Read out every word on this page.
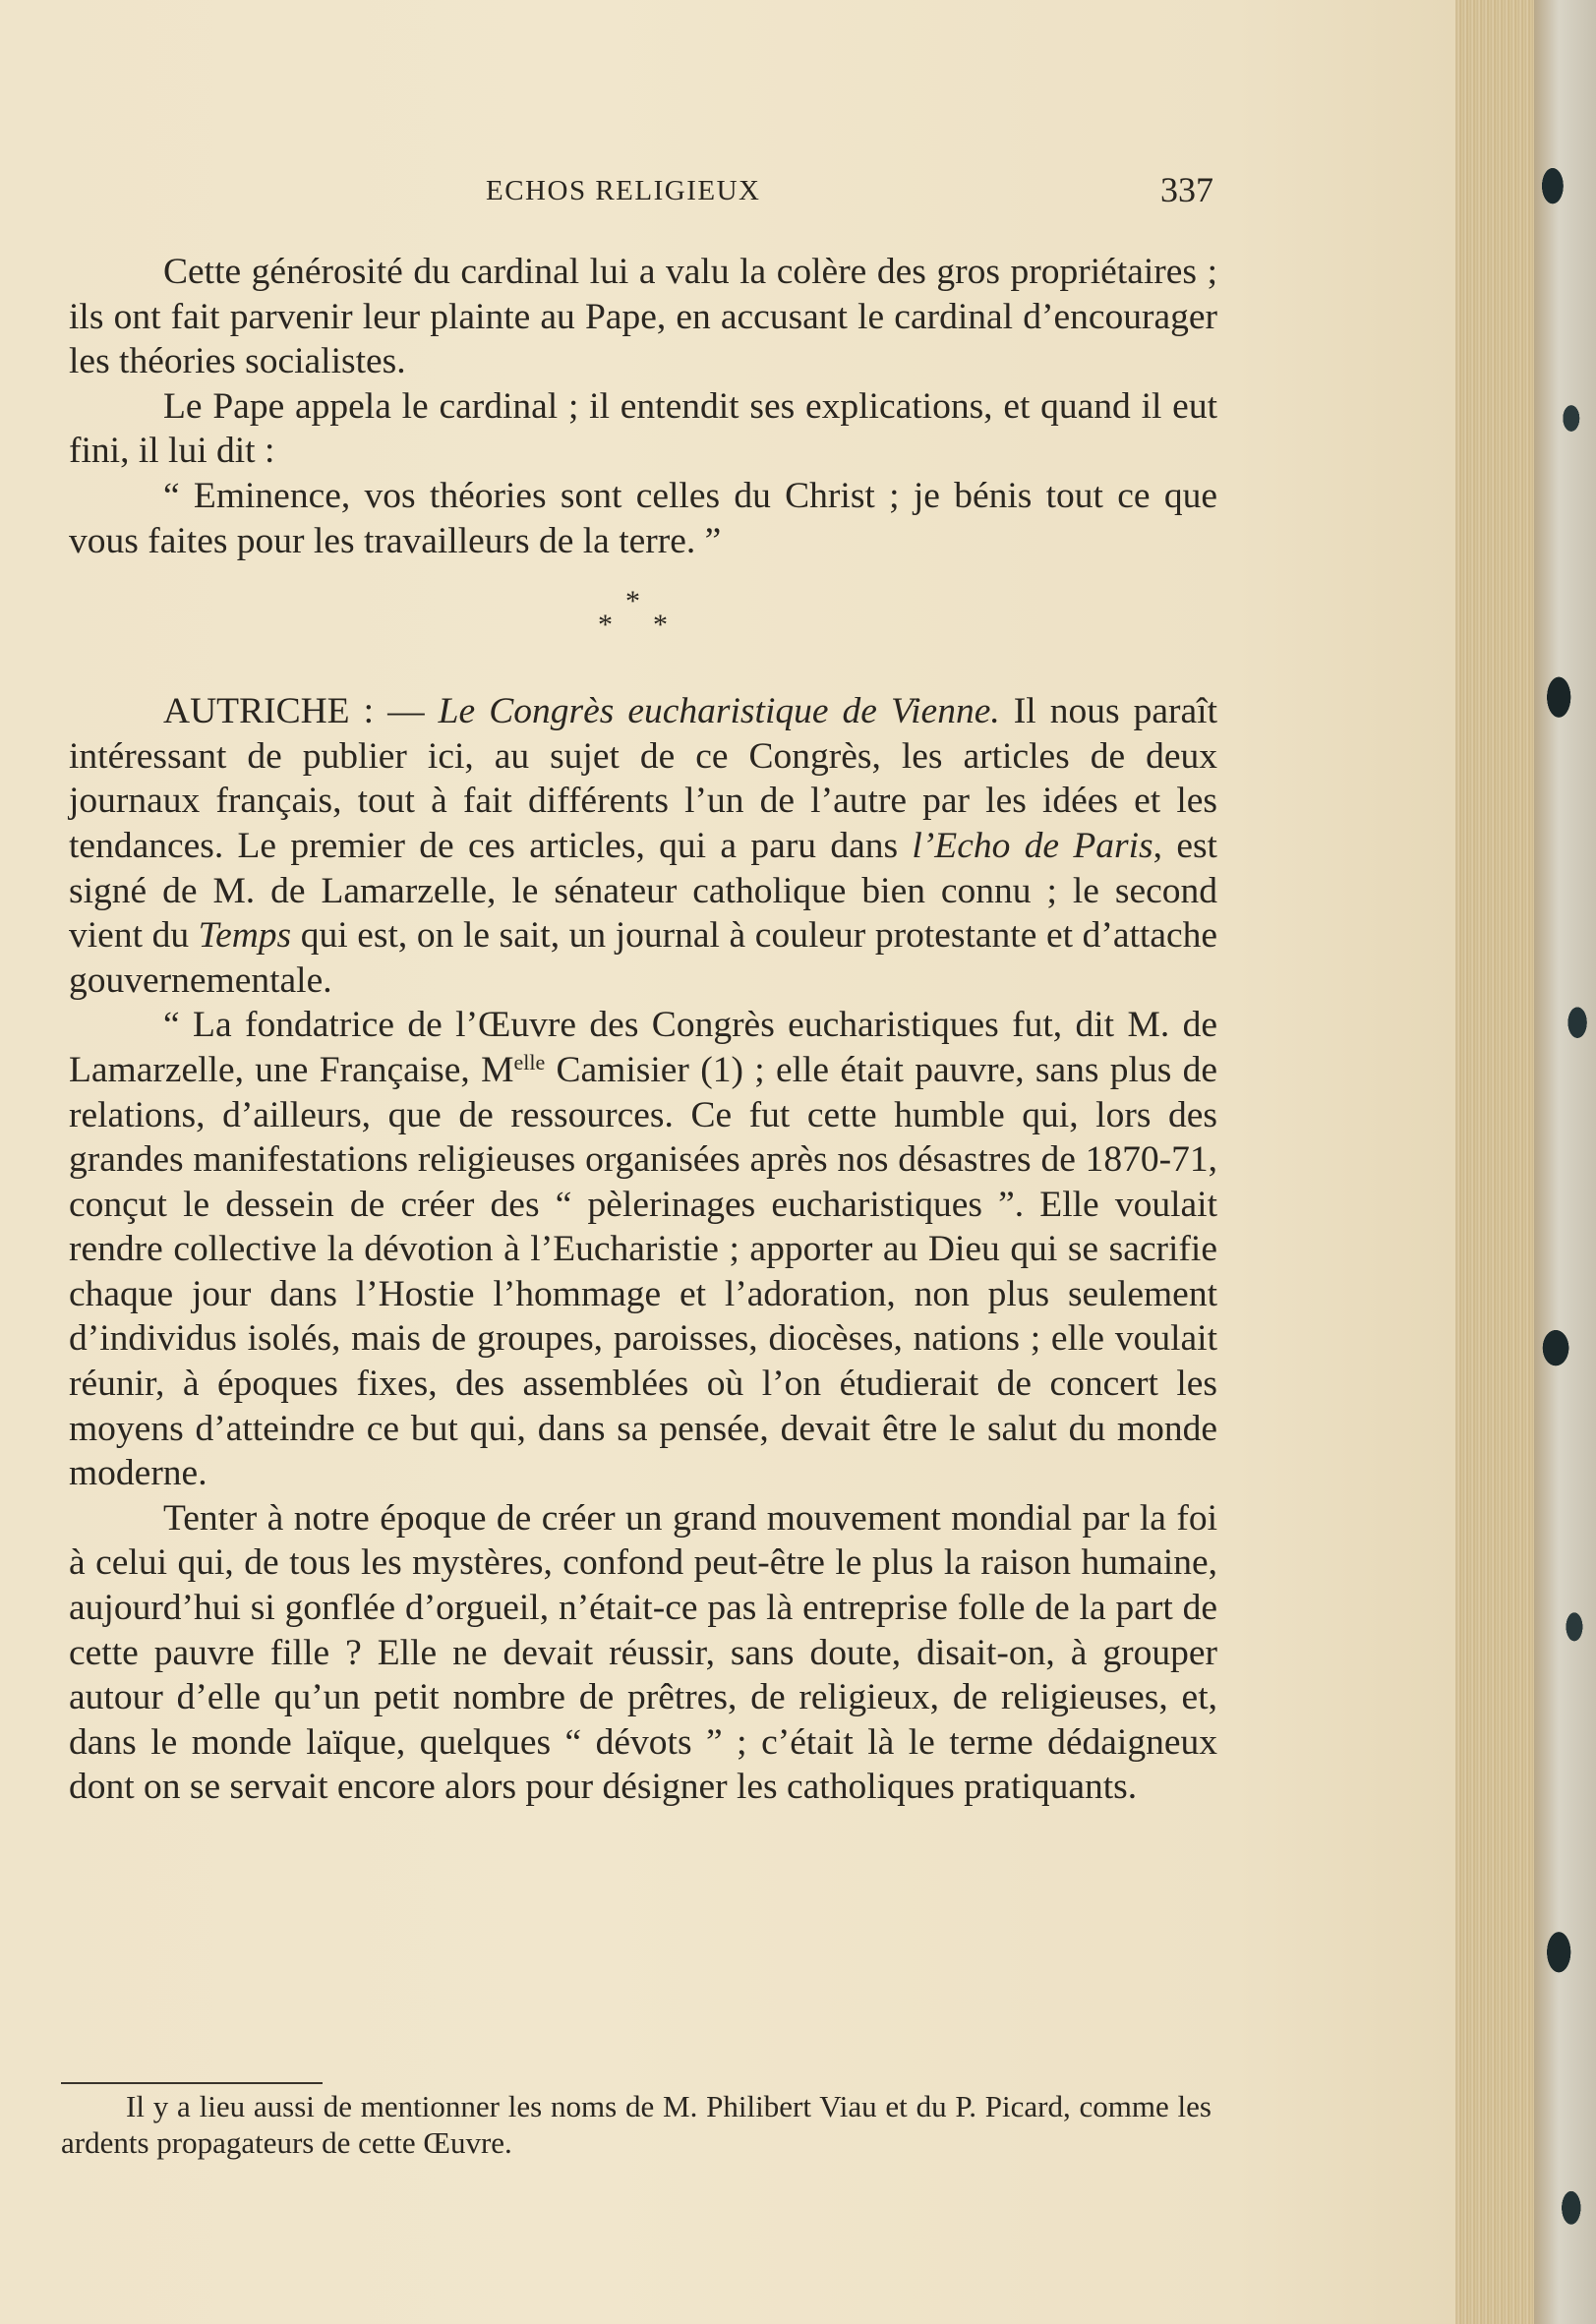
ECHOS RELIGIEUX	337

Cette générosité du cardinal lui a valu la colère des gros propriétaires ; ils ont fait parvenir leur plainte au Pape, en accusant le cardinal d’encourager les théories socialistes.

Le Pape appela le cardinal ; il entendit ses explications, et quand il eut fini, il lui dit :

“ Eminence, vos théories sont celles du Christ ; je bénis tout ce que vous faites pour les travailleurs de la terre. ”

*
* *

AUTRICHE : — Le Congrès eucharistique de Vienne. Il nous paraît intéressant de publier ici, au sujet de ce Congrès, les articles de deux journaux français, tout à fait différents l’un de l’autre par les idées et les tendances. Le premier de ces articles, qui a paru dans l’Echo de Paris, est signé de M. de Lamarzelle, le sénateur catholique bien connu ; le second vient du Temps qui est, on le sait, un journal à couleur protestante et d’attache gouvernementale.

“ La fondatrice de l’Œuvre des Congrès eucharistiques fut, dit M. de Lamarzelle, une Française, $M^{elle}$ Camisier (1) ; elle était pauvre, sans plus de relations, d’ailleurs, que de ressources. Ce fut cette humble qui, lors des grandes manifestations religieuses organisées après nos désastres de 1870-71, conçut le dessein de créer des “ pèlerinages eucharistiques ”. Elle voulait rendre collective la dévotion à l’Eucharistie ; apporter au Dieu qui se sacrifie chaque jour dans l’Hostie l’hommage et l’adoration, non plus seulement d’individus isolés, mais de groupes, paroisses, diocèses, nations ; elle voulait réunir, à époques fixes, des assemblées où l’on étudierait de concert les moyens d’atteindre ce but qui, dans sa pensée, devait être le salut du monde moderne.

Tenter à notre époque de créer un grand mouvement mondial par la foi à celui qui, de tous les mystères, confond peut-être le plus la raison humaine, aujourd’hui si gonflée d’orgueil, n’était-ce pas là entreprise folle de la part de cette pauvre fille ? Elle ne devait réussir, sans doute, disait-on, à grouper autour d’elle qu’un petit nombre de prêtres, de religieux, de religieuses, et, dans le monde laïque, quelques “ dévots ” ; c’était là le terme dédaigneux dont on se servait encore alors pour désigner les catholiques pratiquants.

Il y a lieu aussi de mentionner les noms de M. Philibert Viau et du P. Picard, comme les ardents propagateurs de cette Œuvre.
